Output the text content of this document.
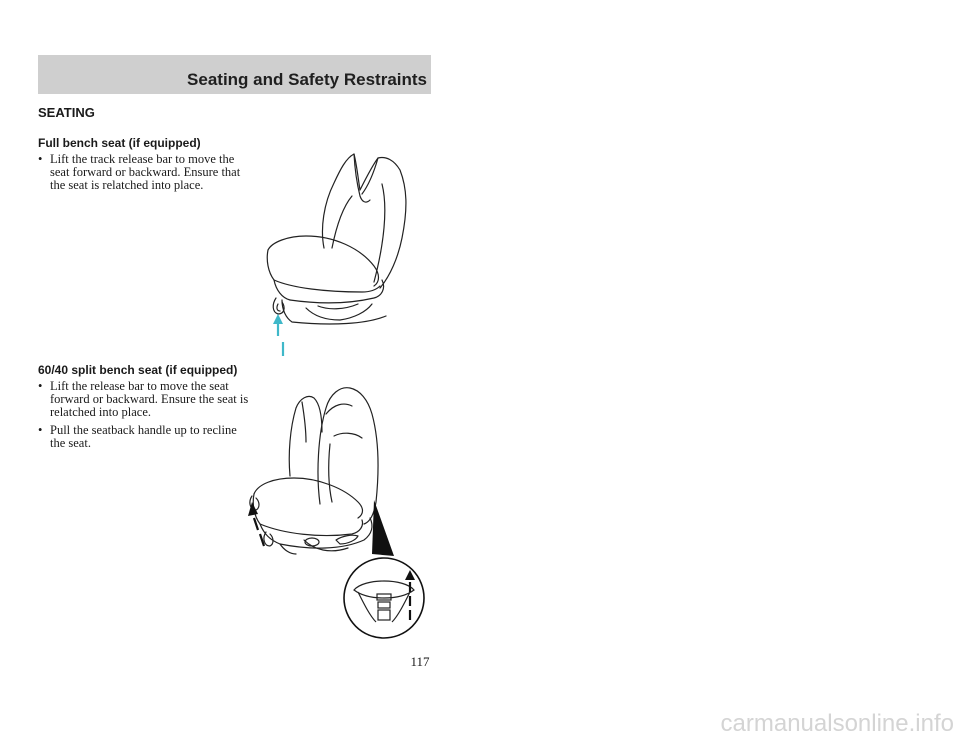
Seating and Safety Restraints
SEATING
Full bench seat (if equipped)
• Lift the track release bar to move the seat forward or backward. Ensure that the seat is relatched into place.
60/40 split bench seat (if equipped)
• Lift the release bar to move the seat forward or backward. Ensure the seat is relatched into place.
• Pull the seatback handle up to recline the seat.

117

carmanualsonline.info
